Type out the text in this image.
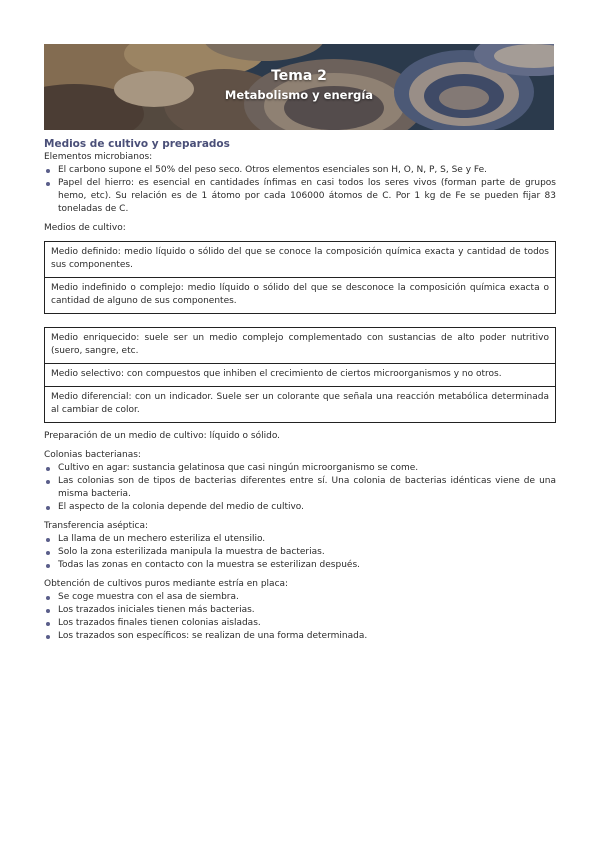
Tema 2
Metabolismo y energía
Medios de cultivo y preparados

Elementos microbianos:

El carbono supone el 50% del peso seco. Otros elementos esenciales son H, O, N, P, S, Se y Fe.
Papel del hierro: es esencial en cantidades ínfimas en casi todos los seres vivos (forman parte de grupos hemo, etc). Su relación es de 1 átomo por cada 106000 átomos de C. Por 1 kg de Fe se pueden fijar 83 toneladas de C.

Medios de cultivo:

Medio definido: medio líquido o sólido del que se conoce la composición química exacta y cantidad de todos sus componentes.
Medio indefinido o complejo: medio líquido o sólido del que se desconoce la composición química exacta o cantidad de alguno de sus componentes.
Medio enriquecido: suele ser un medio complejo complementado con sustancias de alto poder nutritivo (suero, sangre, etc.
Medio selectivo: con compuestos que inhiben el crecimiento de ciertos microorganismos y no otros.
Medio diferencial: con un indicador. Suele ser un colorante que señala una reacción metabólica determinada al cambiar de color.

Preparación de un medio de cultivo: líquido o sólido.

Colonias bacterianas:

Cultivo en agar: sustancia gelatinosa que casi ningún microorganismo se come.
Las colonias son de tipos de bacterias diferentes entre sí. Una colonia de bacterias idénticas viene de una misma bacteria.
El aspecto de la colonia depende del medio de cultivo.

Transferencia aséptica:

La llama de un mechero esteriliza el utensilio.
Solo la zona esterilizada manipula la muestra de bacterias.
Todas las zonas en contacto con la muestra se esterilizan después.

Obtención de cultivos puros mediante estría en placa:

Se coge muestra con el asa de siembra.
Los trazados iniciales tienen más bacterias.
Los trazados finales tienen colonias aisladas.
Los trazados son específicos: se realizan de una forma determinada.
